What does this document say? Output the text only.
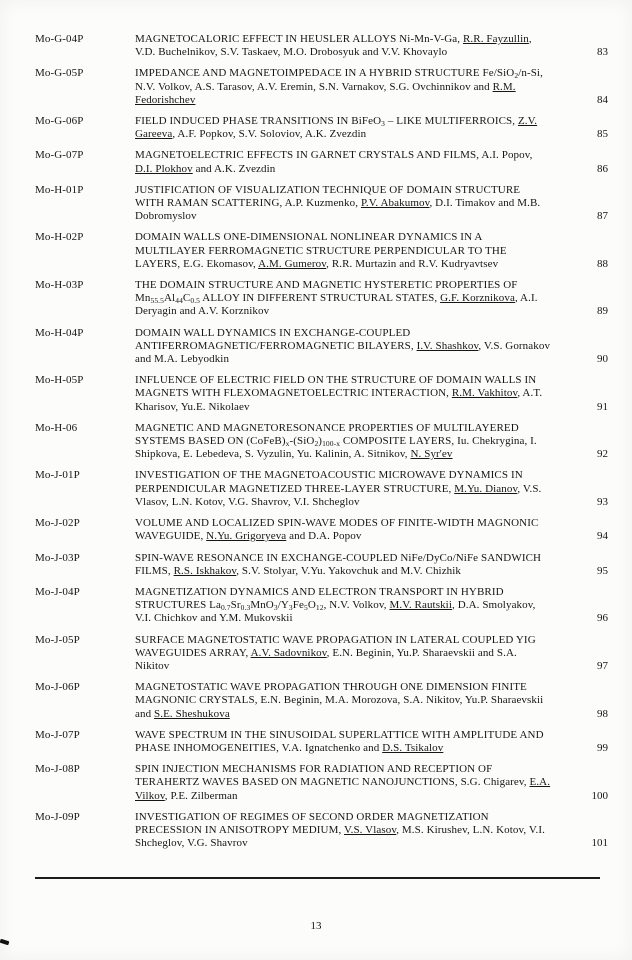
Mo-G-04P	MAGNETOCALORIC EFFECT IN HEUSLER ALLOYS Ni-Mn-V-Ga, R.R. Fayzullin, V.D. Buchelnikov, S.V. Taskaev, M.O. Drobosyuk and V.V. Khovaylo	83
Mo-G-05P	IMPEDANCE AND MAGNETOIMPEDACE IN A HYBRID STRUCTURE Fe/SiO$_2$/n-Si, N.V. Volkov, A.S. Tarasov, A.V. Eremin, S.N. Varnakov, S.G. Ovchinnikov and R.M. Fedorishchev	84
Mo-G-06P	FIELD INDUCED PHASE TRANSITIONS IN BiFeO$_3$ – LIKE MULTIFERROICS, Z.V. Gareeva, A.F. Popkov, S.V. Soloviov, A.K. Zvezdin	85
Mo-G-07P	MAGNETOELECTRIC EFFECTS IN GARNET CRYSTALS AND FILMS, A.I. Popov, D.I. Plokhov and A.K. Zvezdin	86
Mo-H-01P	JUSTIFICATION OF VISUALIZATION TECHNIQUE OF DOMAIN STRUCTURE WITH RAMAN SCATTERING, A.P. Kuzmenko, P.V. Abakumov, D.I. Timakov and M.B. Dobromyslov	87
Mo-H-02P	DOMAIN WALLS ONE-DIMENSIONAL NONLINEAR DYNAMICS IN A MULTILAYER FERROMAGNETIC STRUCTURE PERPENDICULAR TO THE LAYERS, E.G. Ekomasov, A.M. Gumerov, R.R. Murtazin and R.V. Kudryavtsev	88
Mo-H-03P	THE DOMAIN STRUCTURE AND MAGNETIC HYSTERETIC PROPERTIES OF $Mn_{55.5}Al_{44}C_{0.5}$ ALLOY IN DIFFERENT STRUCTURAL STATES, G.F. Korznikova, A.I. Deryagin and A.V. Korznikov	89
Mo-H-04P	DOMAIN WALL DYNAMICS IN EXCHANGE-COUPLED ANTIFERROMAGNETIC/FERROMAGNETIC BILAYERS, I.V. Shashkov, V.S. Gornakov and M.A. Lebyodkin	90
Mo-H-05P	INFLUENCE OF ELECTRIC FIELD ON THE STRUCTURE OF DOMAIN WALLS IN MAGNETS WITH FLEXOMAGNETOELECTRIC INTERACTION, R.M. Vakhitov, A.T. Kharisov, Yu.E. Nikolaev	91
Mo-H-06	MAGNETIC AND MAGNETORESONANCE PROPERTIES OF MULTILAYERED SYSTEMS BASED ON $(CoFeB)_x-(SiO_2)_{100-x}$ COMPOSITE LAYERS, Iu. Chekrygina, I. Shipkova, E. Lebedeva, S. Vyzulin, Yu. Kalinin, A. Sitnikov, N. Syr'ev	92
Mo-J-01P	INVESTIGATION OF THE MAGNETOACOUSTIC MICROWAVE DYNAMICS IN PERPENDICULAR MAGNETIZED THREE-LAYER STRUCTURE, M.Yu. Dianov, V.S. Vlasov, L.N. Kotov, V.G. Shavrov, V.I. Shcheglov	93
Mo-J-02P	VOLUME AND LOCALIZED SPIN-WAVE MODES OF FINITE-WIDTH MAGNONIC WAVEGUIDE, N.Yu. Grigoryeva and D.A. Popov	94
Mo-J-03P	SPIN-WAVE RESONANCE IN EXCHANGE-COUPLED NiFe/DyCo/NiFe SANDWICH FILMS, R.S. Iskhakov, S.V. Stolyar, V.Yu. Yakovchuk and M.V. Chizhik	95
Mo-J-04P	MAGNETIZATION DYNAMICS AND ELECTRON TRANSPORT IN HYBRID STRUCTURES $La_{0.7}Sr_{0.3}MnO_3/Y_3Fe_5O_{12}$, N.V. Volkov, M.V. Rautskii, D.A. Smolyakov, V.I. Chichkov and Y.M. Mukovskii	96
Mo-J-05P	SURFACE MAGNETOSTATIC WAVE PROPAGATION IN LATERAL COUPLED YIG WAVEGUIDES ARRAY, A.V. Sadovnikov, E.N. Beginin, Yu.P. Sharaevskii and S.A. Nikitov	97
Mo-J-06P	MAGNETOSTATIC WAVE PROPAGATION THROUGH ONE DIMENSION FINITE MAGNONIC CRYSTALS, E.N. Beginin, M.A. Morozova, S.A. Nikitov, Yu.P. Sharaevskii and S.E. Sheshukova	98
Mo-J-07P	WAVE SPECTRUM IN THE SINUSOIDAL SUPERLATTICE WITH AMPLITUDE AND PHASE INHOMOGENEITIES, V.A. Ignatchenko and D.S. Tsikalov	99
Mo-J-08P	SPIN INJECTION MECHANISMS FOR RADIATION AND RECEPTION OF TERAHERTZ WAVES BASED ON MAGNETIC NANOJUNCTIONS, S.G. Chigarev, E.A. Vilkov, P.E. Zilberman	100
Mo-J-09P	INVESTIGATION OF REGIMES OF SECOND ORDER MAGNETIZATION PRECESSION IN ANISOTROPY MEDIUM, V.S. Vlasov, M.S. Kirushev, L.N. Kotov, V.I. Shcheglov, V.G. Shavrov	101
13
